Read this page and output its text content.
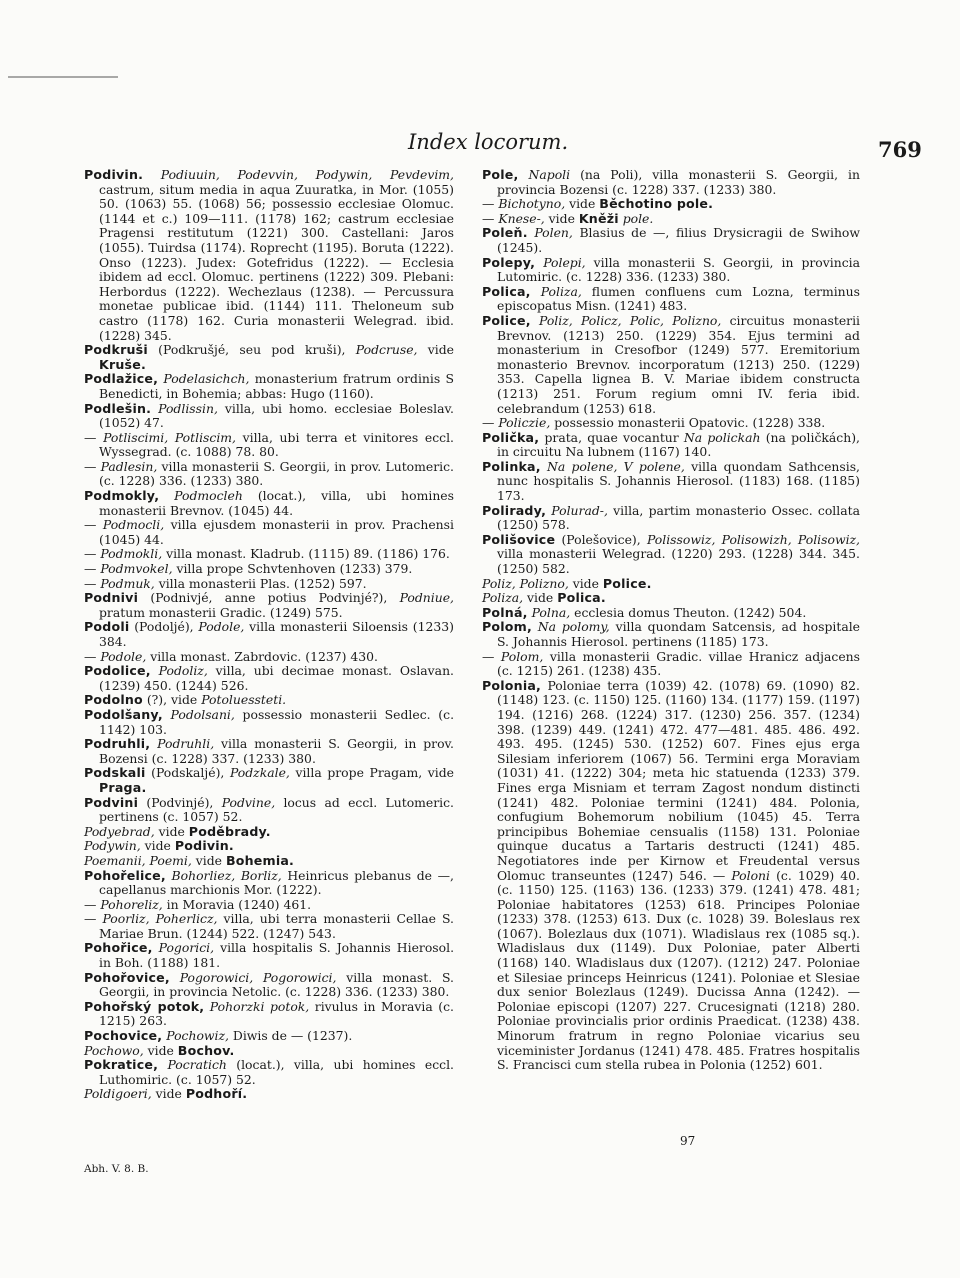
Index locorum.	769

Podivin. Podiuuin, Podevvin, Podywin, Pevdevim, castrum, situm media in aqua Zuuratka, in Mor. (1055) 50. (1063) 55. (1068) 56; possessio ecclesiae Olomuc. (1144 et c.) 109—111. (1178) 162; castrum ecclesiae Pragensi restitutum (1221) 300. Castellani: Jaros (1055). Tuirdsa (1174). Roprecht (1195). Boruta (1222). Onso (1223). Judex: Gotefridus (1222). — Ecclesia ibidem ad eccl. Olomuc. pertinens (1222) 309. Plebani: Herbordus (1222). Wechezlaus (1238). — Percussura monetae publicae ibid. (1144) 111. Theloneum sub castro (1178) 162. Curia monasterii Welegrad. ibid. (1228) 345.

Podkruši (Podkrušjé, seu pod kruši), Podcruse, vide Kruše.

Podlažice, Podelasichch, monasterium fratrum ordinis S Benedicti, in Bohemia; abbas: Hugo (1160).

Podlešin. Podlissin, villa, ubi homo. ecclesiae Boleslav. (1052) 47.

— Potliscimi, Potliscim, villa, ubi terra et vinitores eccl. Wyssegrad. (c. 1088) 78. 80.

— Padlesin, villa monasterii S. Georgii, in prov. Lutomeric. (c. 1228) 336. (1233) 380.

Podmokly, Podmocleh (locat.), villa, ubi homines monasterii Brevnov. (1045) 44.

— Podmocli, villa ejusdem monasterii in prov. Prachensi (1045) 44.

— Podmokli, villa monast. Kladrub. (1115) 89. (1186) 176.

— Podmvokel, villa prope Schvtenhoven (1233) 379.

— Podmuk, villa monasterii Plas. (1252) 597.

Podnivi (Podnivjé, anne potius Podvinjé?), Podniue, pratum monasterii Gradic. (1249) 575.

Podoli (Podoljé), Podole, villa monasterii Siloensis (1233) 384.

— Podole, villa monast. Zabrdovic. (1237) 430.

Podolice, Podoliz, villa, ubi decimae monast. Oslavan. (1239) 450. (1244) 526.

Podolno (?), vide Potoluessteti.

Podolšany, Podolsani, possessio monasterii Sedlec. (c. 1142) 103.

Podruhli, Podruhli, villa monasterii S. Georgii, in prov. Bozensi (c. 1228) 337. (1233) 380.

Podskali (Podskaljé), Podzkale, villa prope Pragam, vide Praga.

Podvini (Podvinjé), Podvine, locus ad eccl. Lutomeric. pertinens (c. 1057) 52.

Podyebrad, vide Poděbrady.

Podywin, vide Podivin.

Poemanii, Poemi, vide Bohemia.

Pohořelice, Bohorliez, Borliz, Heinricus plebanus de —, capellanus marchionis Mor. (1222).

— Pohoreliz, in Moravia (1240) 461.

— Poorliz, Poherlicz, villa, ubi terra monasterii Cellae S. Mariae Brun. (1244) 522. (1247) 543.

Pohořice, Pogorici, villa hospitalis S. Johannis Hierosol. in Boh. (1188) 181.

Pohořovice, Pogorowici, Pogorowici, villa monast. S. Georgii, in provincia Netolic. (c. 1228) 336. (1233) 380.

Pohořský potok, Pohorzki potok, rivulus in Moravia (c. 1215) 263.

Pochovice, Pochowiz, Diwis de — (1237).

Pochowo, vide Bochov.

Pokratice, Pocratich (locat.), villa, ubi homines eccl. Luthomiric. (c. 1057) 52.

Poldigoeri, vide Podhoří.

Pole, Napoli (na Poli), villa monasterii S. Georgii, in provincia Bozensi (c. 1228) 337. (1233) 380.

— Bichotyno, vide Běchotino pole.

— Knese-, vide Kněži pole.

Poleň. Polen, Blasius de —, filius Drysicragii de Swihow (1245).

Polepy, Polepi, villa monasterii S. Georgii, in provincia Lutomiric. (c. 1228) 336. (1233) 380.

Polica, Poliza, flumen confluens cum Lozna, terminus episcopatus Misn. (1241) 483.

Police, Poliz, Policz, Polic, Polizno, circuitus monasterii Brevnov. (1213) 250. (1229) 354. Ejus termini ad monasterium in Cresofbor (1249) 577. Eremitorium monasterio Brevnov. incorporatum (1213) 250. (1229) 353. Capella lignea B. V. Mariae ibidem constructa (1213) 251. Forum regium omni IV. feria ibid. celebrandum (1253) 618.

— Policzie, possessio monasterii Opatovic. (1228) 338.

Polička, prata, quae vocantur Na polickah (na poličkách), in circuitu Na lubnem (1167) 140.

Polinka, Na polene, V polene, villa quondam Sathcensis, nunc hospitalis S. Johannis Hierosol. (1183) 168. (1185) 173.

Polirady, Polurad-, villa, partim monasterio Ossec. collata (1250) 578.

Polišovice (Polešovice), Polissowiz, Polisowizh, Polisowiz, villa monasterii Welegrad. (1220) 293. (1228) 344. 345. (1250) 582.

Poliz, Polizno, vide Police.

Poliza, vide Polica.

Polná, Polna, ecclesia domus Theuton. (1242) 504.

Polom, Na polomy, villa quondam Satcensis, ad hospitale S. Johannis Hierosol. pertinens (1185) 173.

— Polom, villa monasterii Gradic. villae Hranicz adjacens (c. 1215) 261. (1238) 435.

Polonia, Poloniae terra (1039) 42. (1078) 69. (1090) 82. (1148) 123. (c. 1150) 125. (1160) 134. (1177) 159. (1197) 194. (1216) 268. (1224) 317. (1230) 256. 357. (1234) 398. (1239) 449. (1241) 472. 477—481. 485. 486. 492. 493. 495. (1245) 530. (1252) 607. Fines ejus erga Silesiam inferiorem (1067) 56. Termini erga Moraviam (1031) 41. (1222) 304; meta hic statuenda (1233) 379. Fines erga Misniam et terram Zagost nondum distincti (1241) 482. Poloniae termini (1241) 484. Polonia, confugium Bohemorum nobilium (1045) 45. Terra principibus Bohemiae censualis (1158) 131. Poloniae quinque ducatus a Tartaris destructi (1241) 485. Negotiatores inde per Kirnow et Freudental versus Olomuc transeuntes (1247) 546. — Poloni (c. 1029) 40. (c. 1150) 125. (1163) 136. (1233) 379. (1241) 478. 481; Poloniae habitatores (1253) 618. Principes Poloniae (1233) 378. (1253) 613. Dux (c. 1028) 39. Boleslaus rex (1067). Bolezlaus dux (1071). Wladislaus rex (1085 sq.). Wladislaus dux (1149). Dux Poloniae, pater Alberti (1168) 140. Wladislaus dux (1207). (1212) 247. Poloniae et Silesiae princeps Heinricus (1241). Poloniae et Slesiae dux senior Bolezlaus (1249). Ducissa Anna (1242). — Poloniae episcopi (1207) 227. Crucesignati (1218) 280. Poloniae provincialis prior ordinis Praedicat. (1238) 438. Minorum fratrum in regno Poloniae vicarius seu viceminister Jordanus (1241) 478. 485. Fratres hospitalis S. Francisci cum stella rubea in Polonia (1252) 601.

Abh. V. 8. B.
97
